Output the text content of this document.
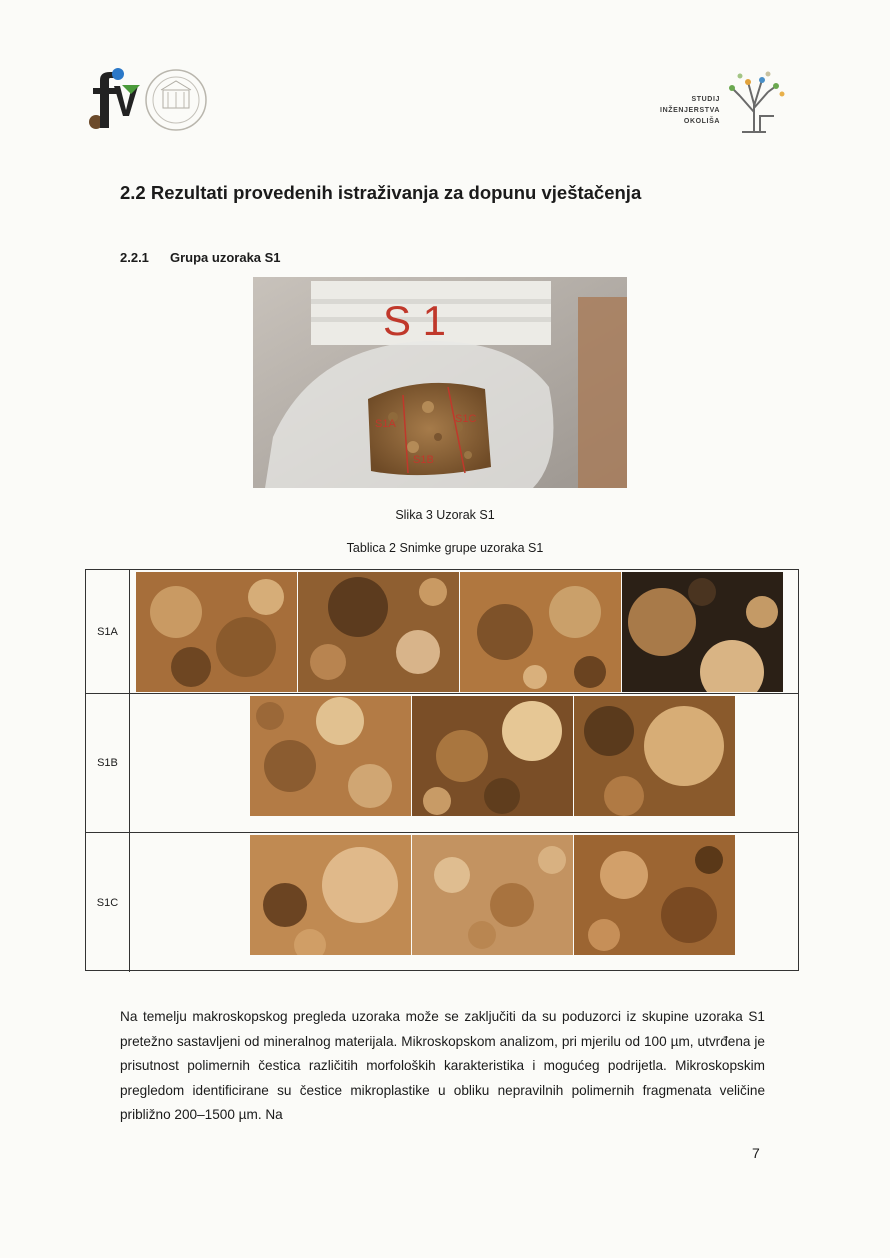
STUDIJ
INŽENJERSTVA
OKOLIŠA
2.2 Rezultati provedenih istraživanja za dopunu vještačenja
2.2.1 Grupa uzoraka S1
S1A	S1C
S1B
S 1
Slika 3 Uzorak S1
Tablica 2 Snimke grupe uzoraka S1
S1A
S1B
S1C
Na temelju makroskopskog pregleda uzoraka može se zaključiti da su poduzorci iz skupine uzoraka S1 pretežno sastavljeni od mineralnog materijala. Mikroskopskom analizom, pri mjerilu od 100 µm, utvrđena je prisutnost polimernih čestica različitih morfoloških karakteristika i mogućeg podrijetla. Mikroskopskim pregledom identificirane su čestice mikroplastike u obliku nepravilnih polimernih fragmenata veličine približno 200–1500 µm. Na
7
